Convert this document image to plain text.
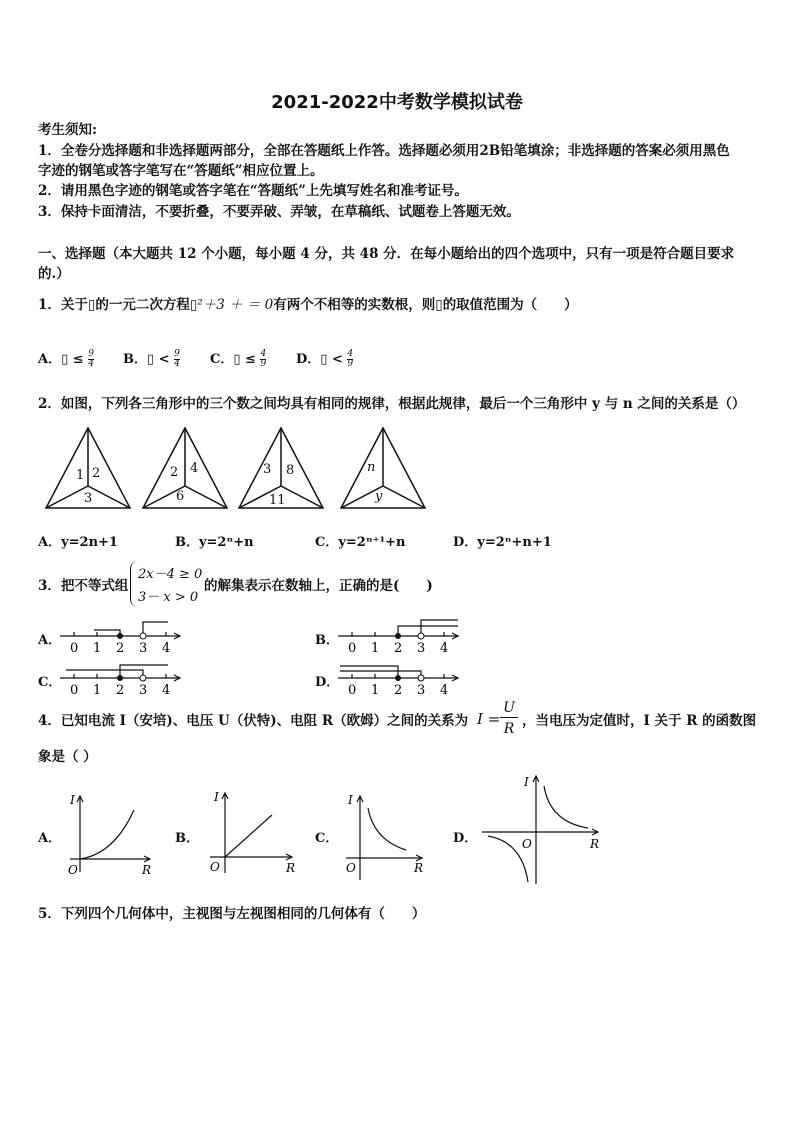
2021-2022中考数学模拟试卷
考生须知:
1．全卷分选择题和非选择题两部分，全部在答题纸上作答。选择题必须用2B铅笔填涂；非选择题的答案必须用黑色
字迹的钢笔或答字笔写在“答题纸”相应位置上。
2．请用黑色字迹的钢笔或答字笔在“答题纸”上先填写姓名和准考证号。
3．保持卡面清洁，不要折叠，不要弄破、弄皱，在草稿纸、试题卷上答题无效。
一、选择题（本大题共 12 个小题，每小题 4 分，共 48 分．在每小题给出的四个选项中，只有一项是符合题目要求
的.）
1．关于▯的一元二次方程▯²＋3 ＋ ＝ 0有两个不相等的实数根，则▯的取值范围为（　　）
A．▯ ≤ $\frac{9}{4}$ B．▯ < $\frac{9}{4}$ C．▯ ≤ $\frac{4}{9}$ D．▯ < $\frac{4}{9}$
2．如图，下列各三角形中的三个数之间均具有相同的规律，根据此规律，最后一个三角形中 y 与 n 之间的关系是（）
1 2
3
2 4
6
3 8
11
n
y
A．y=2n+1	B．y=2ⁿ+n	C．y=2ⁿ⁺¹+n	D．y=2ⁿ+n+1
3．把不等式组
2x－4 ≥ 0
3－ x > 0
的解集表示在数轴上，正确的是(　　)
A．	B．
C．	D．
0 1 2 3 4	0 1 2 3 4
0 1 2 3 4	0 1 2 3 4
4．已知电流 I（安培)、电压 U（伏特)、电阻 R（欧姆）之间的关系为 I =
U
R ，当电压为定值时，I 关于 R 的函数图
象是（ ）
A．	B．	C．	D．
I
R
O
I
R
O
I
R
O
I
R
O
5．下列四个几何体中，主视图与左视图相同的几何体有（　　）
